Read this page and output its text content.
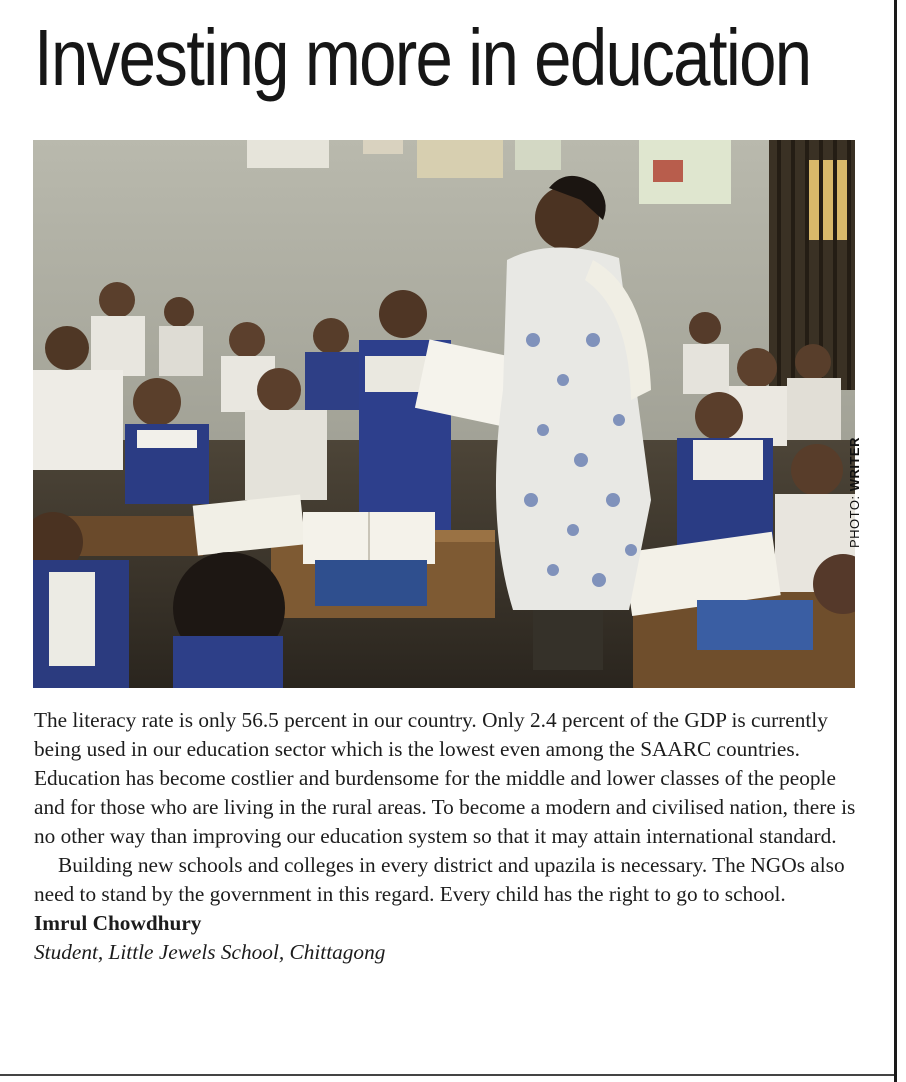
Investing more in education
PHOTO: WRITER

The literacy rate is only 56.5 percent in our country. Only 2.4 percent of the GDP is currently being used in our education sector which is the lowest even among the SAARC countries. Education has become costlier and burdensome for the middle and lower classes of the people and for those who are living in the rural areas. To become a modern and civilised nation, there is no other way than improving our education system so that it may attain international standard.

Building new schools and colleges in every district and upazila is necessary. The NGOs also need to stand by the government in this regard. Every child has the right to go to school.

Imrul Chowdhury

Student, Little Jewels School, Chittagong
